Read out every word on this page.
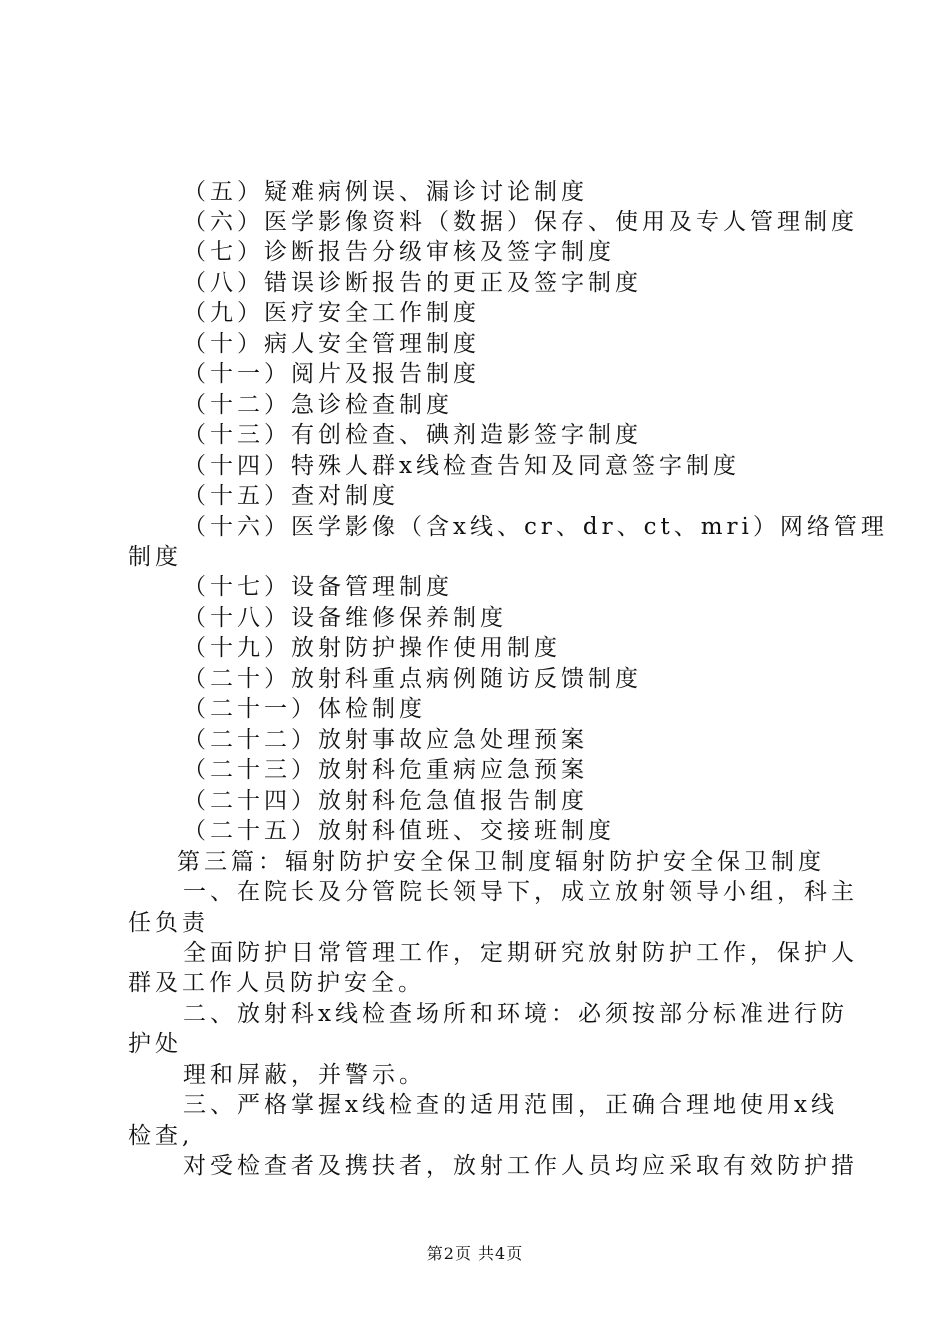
（五）疑难病例误、漏诊讨论制度
（六）医学影像资料（数据）保存、使用及专人管理制度
（七）诊断报告分级审核及签字制度
（八）错误诊断报告的更正及签字制度
（九）医疗安全工作制度
（十）病人安全管理制度
（十一）阅片及报告制度
（十二）急诊检查制度
（十三）有创检查、碘剂造影签字制度
（十四）特殊人群x线检查告知及同意签字制度
（十五）查对制度
（十六）医学影像（含x线、cr、dr、ct、mri）网络管理
制度
（十七）设备管理制度
（十八）设备维修保养制度
（十九）放射防护操作使用制度
（二十）放射科重点病例随访反馈制度
（二十一）体检制度
（二十二）放射事故应急处理预案
（二十三）放射科危重病应急预案
（二十四）放射科危急值报告制度
（二十五）放射科值班、交接班制度
第三篇：辐射防护安全保卫制度辐射防护安全保卫制度
一、在院长及分管院长领导下，成立放射领导小组，科主
任负责
全面防护日常管理工作，定期研究放射防护工作，保护人
群及工作人员防护安全。
二、放射科x线检查场所和环境：必须按部分标准进行防
护处
理和屏蔽，并警示。
三、严格掌握x线检查的适用范围，正确合理地使用x线
检查,
对受检查者及携扶者，放射工作人员均应采取有效防护措
第2页 共4页
